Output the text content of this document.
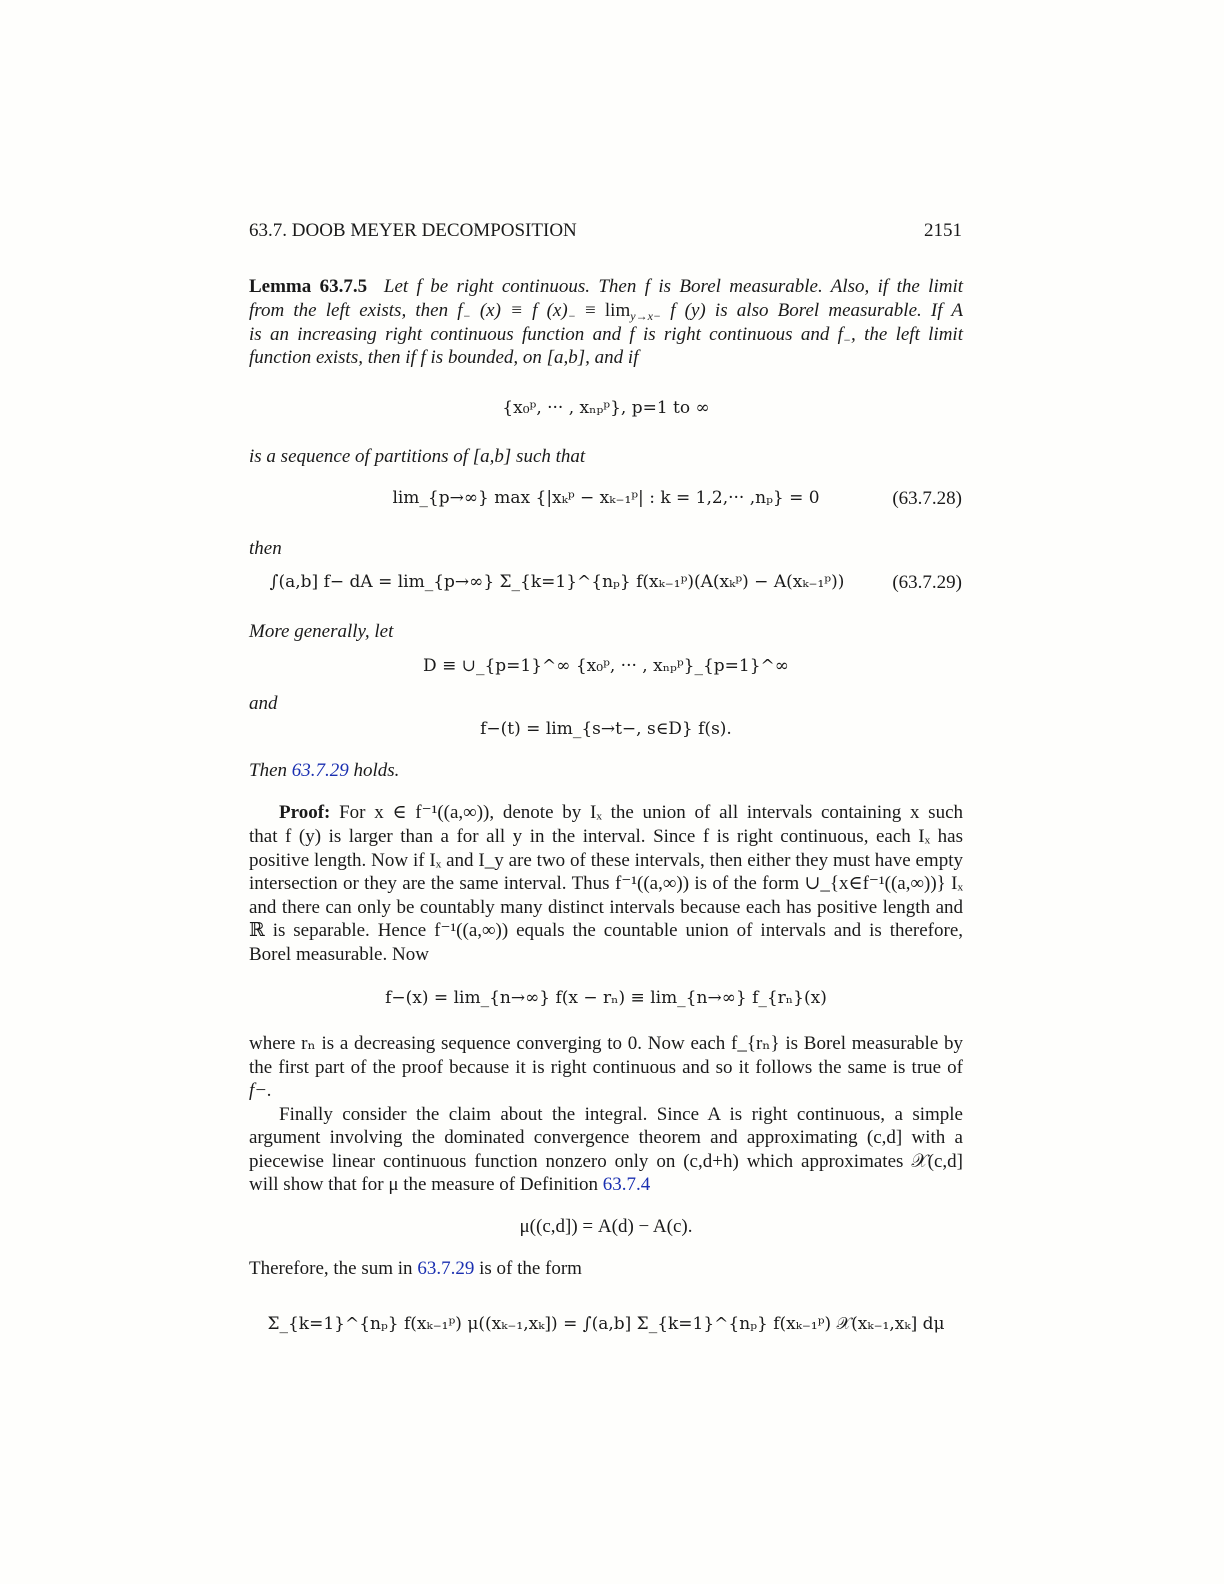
63.7. DOOB MEYER DECOMPOSITION	2151
Lemma 63.7.5 Let f be right continuous. Then f is Borel measurable. Also, if the limit
from the left exists, then $f_-$ (x) ≡ f $(x)_- \equiv \lim_{y\to x-} f$ (y) is also Borel measurable. If A
is an increasing right continuous function and f is right continuous and $f_-$, the left limit
function exists, then if f is bounded, on [a,b], and if
{x₀ᵖ, ··· , xₙₚᵖ}, p=1 to ∞
is a sequence of partitions of [a,b] such that
lim_{p→∞} max {|xₖᵖ − xₖ₋₁ᵖ| : k = 1,2,··· ,nₚ} = 0	(63.7.28)
then
∫(a,b] f− dA = lim_{p→∞} Σ_{k=1}^{nₚ} f(xₖ₋₁ᵖ)(A(xₖᵖ) − A(xₖ₋₁ᵖ))	(63.7.29)
More generally, let
D ≡ ∪_{p=1}^∞ {x₀ᵖ, ··· , xₙₚᵖ}_{p=1}^∞
and
f−(t) = lim_{s→t−, s∈D} f(s).
Then 63.7.29 holds.
Proof: For x ∈ f⁻¹((a,∞)), denote by Iₓ the union of all intervals containing x such
that f (y) is larger than a for all y in the interval. Since f is right continuous, each Iₓ has
positive length. Now if Iₓ and I_y are two of these intervals, then either they must have empty
intersection or they are the same interval. Thus f⁻¹((a,∞)) is of the form ∪_{x∈f⁻¹((a,∞))} Iₓ
and there can only be countably many distinct intervals because each has positive length and
ℝ is separable. Hence f⁻¹((a,∞)) equals the countable union of intervals and is therefore,
Borel measurable. Now
f−(x) = lim_{n→∞} f(x − rₙ) ≡ lim_{n→∞} f_{rₙ}(x)
where rₙ is a decreasing sequence converging to 0. Now each f_{rₙ} is Borel measurable by
the first part of the proof because it is right continuous and so it follows the same is true of
f−.
Finally consider the claim about the integral. Since A is right continuous, a simple
argument involving the dominated convergence theorem and approximating (c,d] with a
piecewise linear continuous function nonzero only on (c,d+h) which approximates 𝒳(c,d]
will show that for μ the measure of Definition 63.7.4
μ((c,d]) = A(d) − A(c).
Therefore, the sum in 63.7.29 is of the form
Σ_{k=1}^{nₚ} f(xₖ₋₁ᵖ) μ((xₖ₋₁,xₖ]) = ∫(a,b] Σ_{k=1}^{nₚ} f(xₖ₋₁ᵖ) 𝒳(xₖ₋₁,xₖ] dμ
